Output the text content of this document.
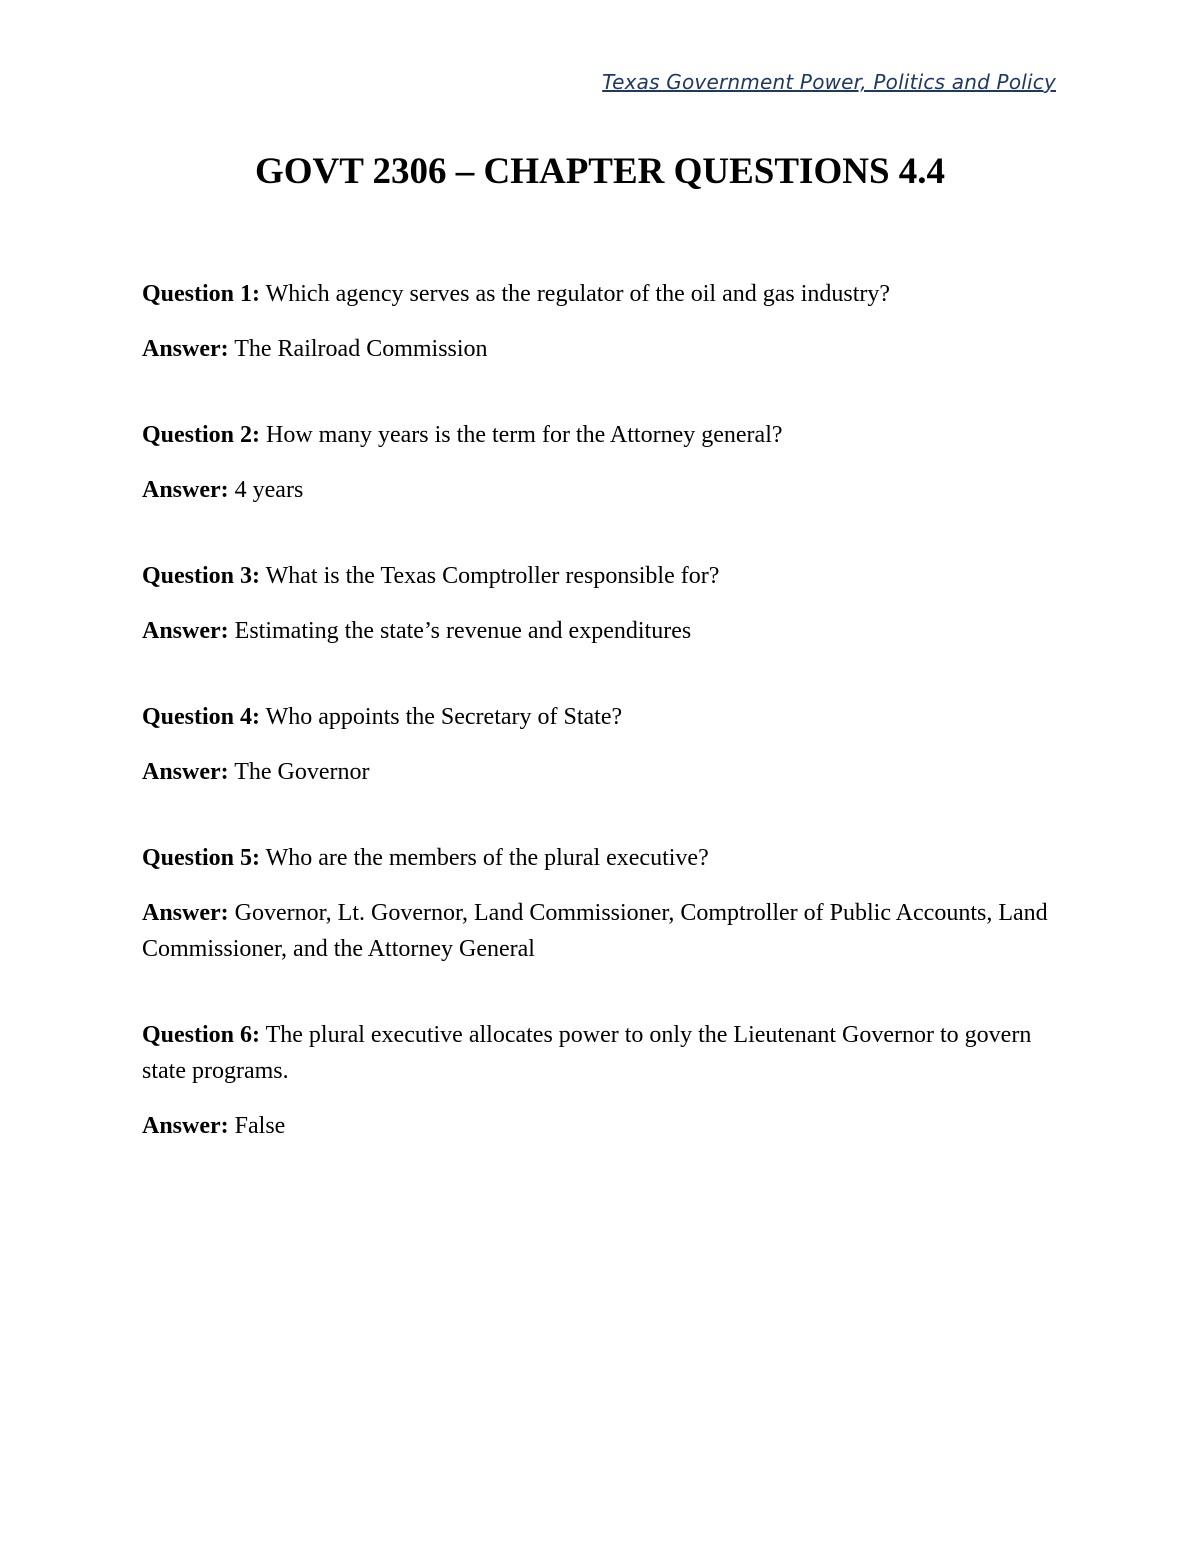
Texas Government Power, Politics and Policy
GOVT 2306 – CHAPTER QUESTIONS 4.4

Question 1: Which agency serves as the regulator of the oil and gas industry?

Answer: The Railroad Commission

Question 2: How many years is the term for the Attorney general?

Answer: 4 years

Question 3: What is the Texas Comptroller responsible for?

Answer: Estimating the state’s revenue and expenditures

Question 4: Who appoints the Secretary of State?

Answer: The Governor

Question 5: Who are the members of the plural executive?

Answer: Governor, Lt. Governor, Land Commissioner, Comptroller of Public Accounts, Land Commissioner, and the Attorney General

Question 6: The plural executive allocates power to only the Lieutenant Governor to govern state programs.

Answer: False
